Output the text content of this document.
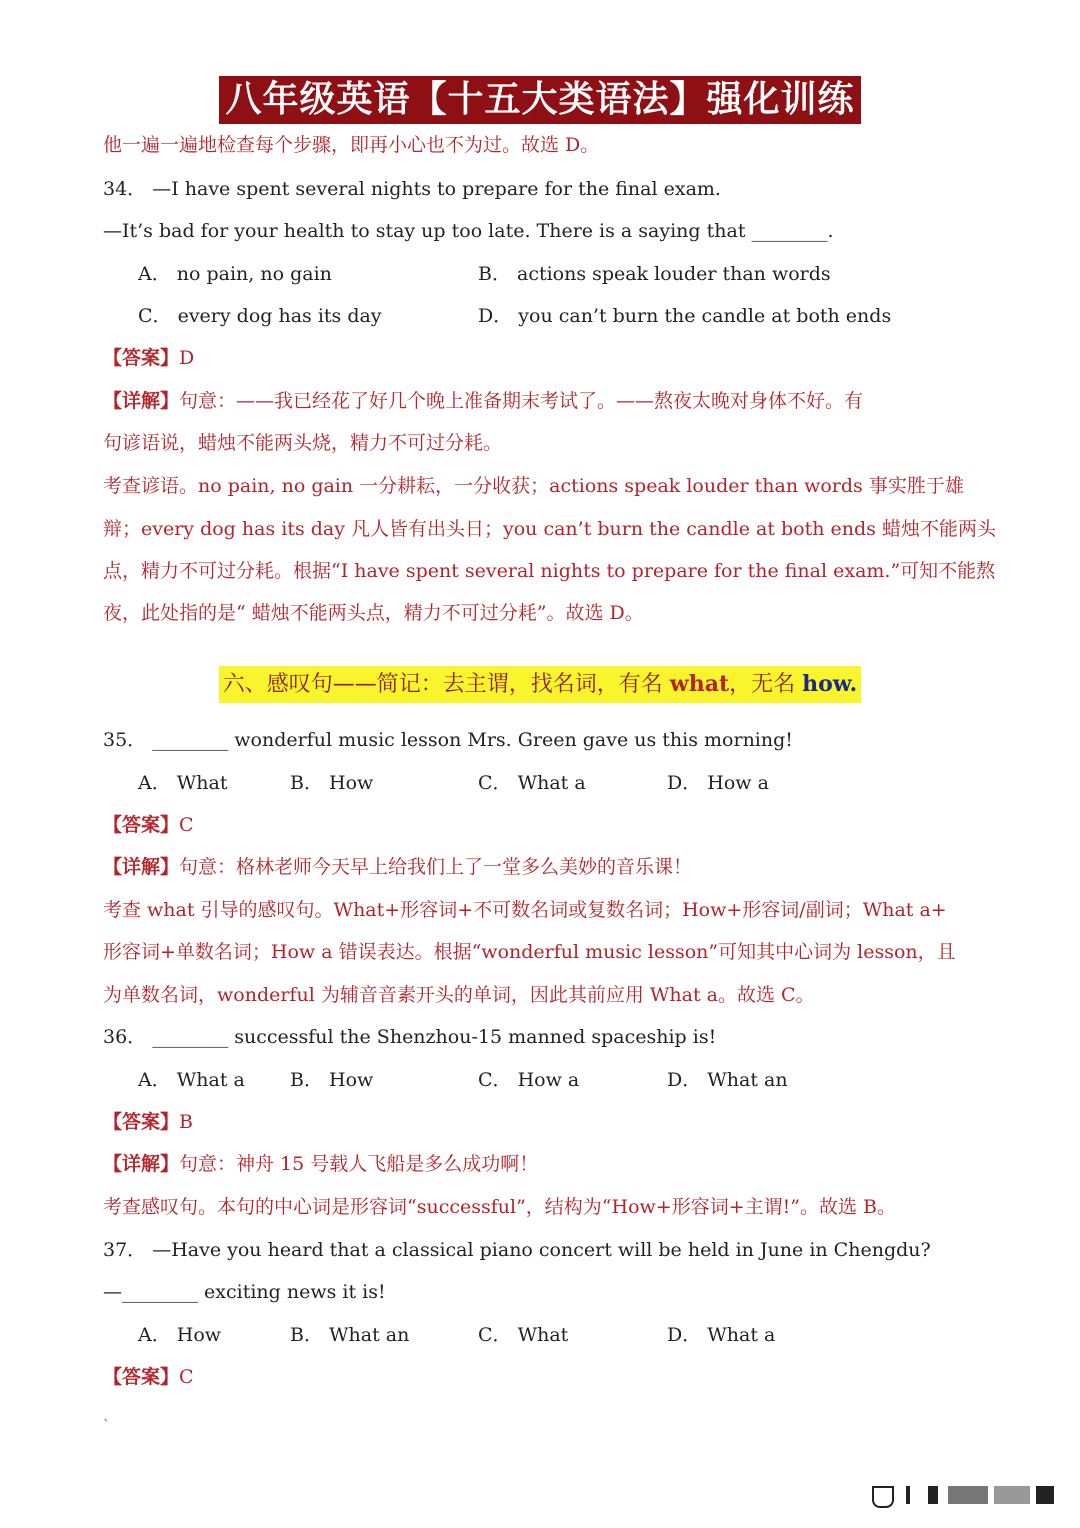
八年级英语【十五大类语法】强化训练
他一遍一遍地检查每个步骤，即再小心也不为过。故选 D。
34． —I have spent several nights to prepare for the final exam.
—It’s bad for your health to stay up too late. There is a saying that ________.
A． no pain, no gain	B． actions speak louder than words
C． every dog has its day	D． you can’t burn the candle at both ends
【答案】D
【详解】句意：——我已经花了好几个晚上准备期末考试了。——熬夜太晚对身体不好。有
句谚语说，蜡烛不能两头烧，精力不可过分耗。
考查谚语。no pain, no gain 一分耕耘，一分收获；actions speak louder than words 事实胜于雄
辩；every dog has its day 凡人皆有出头日；you can’t burn the candle at both ends 蜡烛不能两头
点，精力不可过分耗。根据“I have spent several nights to prepare for the final exam.”可知不能熬
夜，此处指的是“ 蜡烛不能两头点，精力不可过分耗”。故选 D。
六、感叹句——简记：去主谓，找名词，有名 what，无名 how.
35． ________ wonderful music lesson Mrs. Green gave us this morning!
A． What	B． How	C． What a	D． How a
【答案】C
【详解】句意：格林老师今天早上给我们上了一堂多么美妙的音乐课！
考查 what 引导的感叹句。What+形容词+不可数名词或复数名词；How+形容词/副词；What a+
形容词+单数名词；How a 错误表达。根据“wonderful music lesson”可知其中心词为 lesson，且
为单数名词，wonderful 为辅音音素开头的单词，因此其前应用 What a。故选 C。
36． ________ successful the Shenzhou-15 manned spaceship is!
A． What a B． How	C． How a	D． What an
【答案】B
【详解】句意：神舟 15 号载人飞船是多么成功啊！
考查感叹句。本句的中心词是形容词“successful”，结构为“How+形容词+主谓!”。故选 B。
37． —Have you heard that a classical piano concert will be held in June in Chengdu?
—________ exciting news it is!
A． How	B． What an	C． What	D． What a
【答案】C
`
